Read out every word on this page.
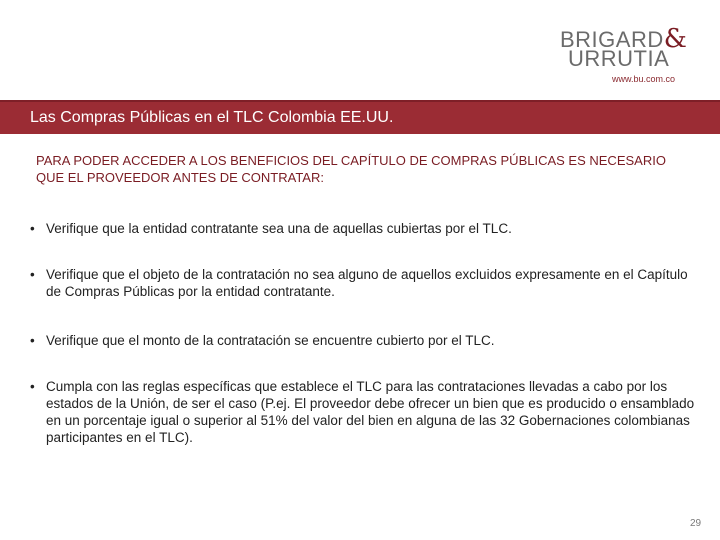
BRIGARD&
URRUTIA
www.bu.com.co
Las Compras Públicas en el TLC Colombia EE.UU.
PARA PODER ACCEDER A LOS BENEFICIOS DEL CAPÍTULO DE COMPRAS PÚBLICAS ES NECESARIO QUE EL PROVEEDOR ANTES DE CONTRATAR:
• Verifique que la entidad contratante sea una de aquellas cubiertas por el TLC.
• Verifique que el objeto de la contratación no sea alguno de aquellos excluidos expresamente en el Capítulo de Compras Públicas por la entidad contratante.
• Verifique que el monto de la contratación se encuentre cubierto por el TLC.
• Cumpla con las reglas específicas que establece el TLC para las contrataciones llevadas a cabo por los estados de la Unión, de ser el caso (P.ej. El proveedor debe ofrecer un bien que es producido o ensamblado en un porcentaje igual o superior al 51% del valor del bien en alguna de las 32 Gobernaciones colombianas participantes en el TLC).
29
